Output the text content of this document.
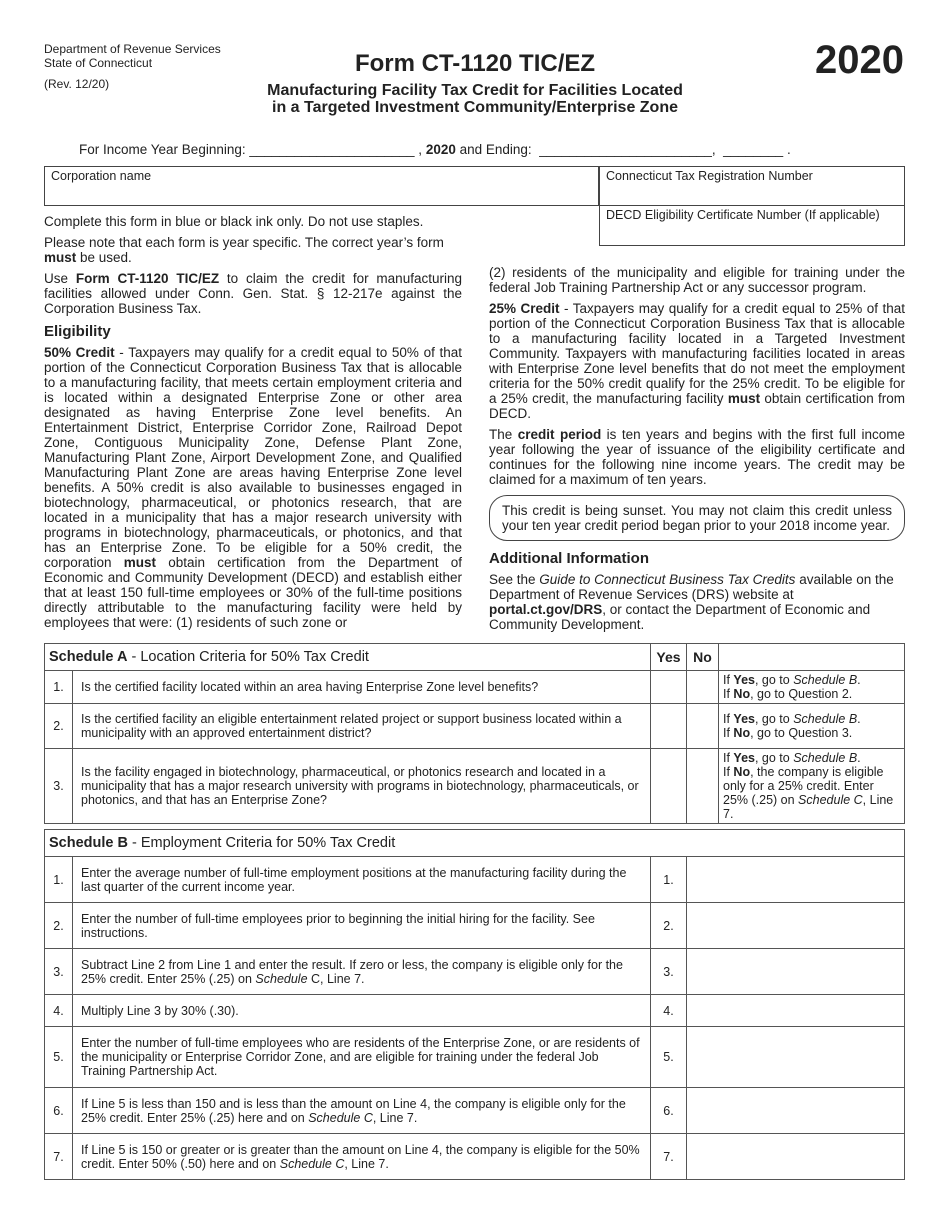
Department of Revenue Services
State of Connecticut
(Rev. 12/20)
Form CT-1120 TIC/EZ	2020
Manufacturing Facility Tax Credit for Facilities Located
in a Targeted Investment Community/Enterprise Zone
For Income Year Beginning: ______________________ , 2020 and Ending:  _______________________,  ________ .
Corporation name	Connecticut Tax Registration Number
DECD Eligibility Certificate Number (If applicable)

Complete this form in blue or black ink only. Do not use staples.

Please note that each form is year specific. The correct year’s form must be used.

Use Form CT-1120 TIC/EZ to claim the credit for manufacturing facilities allowed under Conn. Gen. Stat. § 12-217e against the Corporation Business Tax.

Eligibility

50% Credit - Taxpayers may qualify for a credit equal to 50% of that portion of the Connecticut Corporation Business Tax that is allocable to a manufacturing facility, that meets certain employment criteria and is located within a designated Enterprise Zone or other area designated as having Enterprise Zone level benefits. An Entertainment District, Enterprise Corridor Zone, Railroad Depot Zone, Contiguous Municipality Zone, Defense Plant Zone, Manufacturing Plant Zone, Airport Development Zone, and Qualified Manufacturing Plant Zone are areas having Enterprise Zone level benefits. A 50% credit is also available to businesses engaged in biotechnology, pharmaceutical, or photonics research, that are located in a municipality that has a major research university with programs in biotechnology, pharmaceuticals, or photonics, and that has an Enterprise Zone. To be eligible for a 50% credit, the corporation must obtain certification from the Department of Economic and Community Development (DECD) and establish either that at least 150 full-time employees or 30% of the full-time positions directly attributable to the manufacturing facility were held by employees that were: (1) residents of such zone or

(2) residents of the municipality and eligible for training under the federal Job Training Partnership Act or any successor program.

25% Credit - Taxpayers may qualify for a credit equal to 25% of that portion of the Connecticut Corporation Business Tax that is allocable to a manufacturing facility located in a Targeted Investment Community. Taxpayers with manufacturing facilities located in areas with Enterprise Zone level benefits that do not meet the employment criteria for the 50% credit qualify for the 25% credit. To be eligible for a 25% credit, the manufacturing facility must obtain certification from DECD.

The credit period is ten years and begins with the first full income year following the year of issuance of the eligibility certificate and continues for the following nine income years. The credit may be claimed for a maximum of ten years.

This credit is being sunset. You may not claim this credit unless your ten year credit period began prior to your 2018 income year.
Additional Information

See the Guide to Connecticut Business Tax Credits available on the Department of Revenue Services (DRS) website at portal.ct.gov/DRS, or contact the Department of Economic and Community Development.

Schedule A - Location Criteria for 50% Tax Credit		Yes	No	
1.	Is the certified facility located within an area having Enterprise Zone level benefits?			If Yes, go to Schedule B.
If No, go to Question 2.

2.	Is the certified facility an eligible entertainment related project or support business located within a municipality with an approved entertainment district?			If Yes, go to Schedule B.
If No, go to Question 3.

3.	Is the facility engaged in biotechnology, pharmaceutical, or photonics research and located in a municipality that has a major research university with programs in biotechnology, pharmaceuticals, or photonics, and that has an Enterprise Zone?			If Yes, go to Schedule B.
If No, the company is eligible only for a 25% credit. Enter 25% (.25) on Schedule C, Line 7.
Schedule B - Employment Criteria for 50% Tax Credit			
1.	Enter the average number of full-time employment positions at the manufacturing facility during the last quarter of the current income year.	1.	
2.	Enter the number of full-time employees prior to beginning the initial hiring for the facility. See instructions.	2.	
3.	Subtract Line 2 from Line 1 and enter the result. If zero or less, the company is eligible only for the 25% credit. Enter 25% (.25) on Schedule C, Line 7.	3.	
4.	Multiply Line 3 by 30% (.30).	4.	
5.	Enter the number of full-time employees who are residents of the Enterprise Zone, or are residents of the municipality or Enterprise Corridor Zone, and are eligible for training under the federal Job Training Partnership Act.	5.	
6.	If Line 5 is less than 150 and is less than the amount on Line 4, the company is eligible only for the 25% credit. Enter 25% (.25) here and on Schedule C, Line 7.	6.	
7.	If Line 5 is 150 or greater or is greater than the amount on Line 4, the company is eligible for the 50% credit. Enter 50% (.50) here and on Schedule C, Line 7.	7.	
